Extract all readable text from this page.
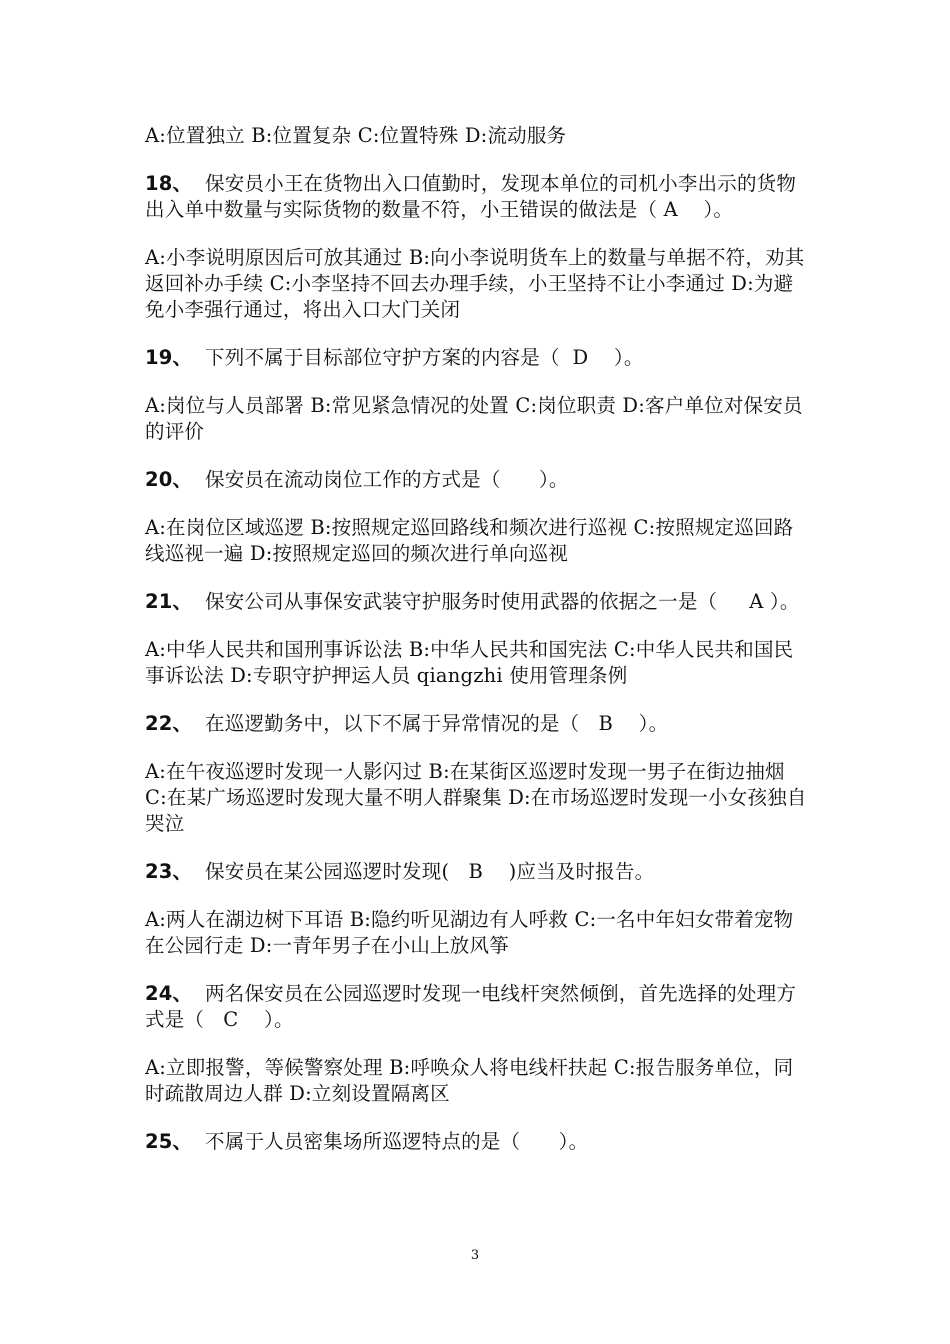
A:位置独立 B:位置复杂 C:位置特殊 D:流动服务

18、  保安员小王在货物出入口值勤时，发现本单位的司机小李出示的货物出入单中数量与实际货物的数量不符，小王错误的做法是（ A    ）。

A:小李说明原因后可放其通过 B:向小李说明货车上的数量与单据不符，劝其返回补办手续 C:小李坚持不回去办理手续，小王坚持不让小李通过 D:为避免小李强行通过，将出入口大门关闭

19、  下列不属于目标部位守护方案的内容是（  D    ）。

A:岗位与人员部署 B:常见紧急情况的处置 C:岗位职责 D:客户单位对保安员的评价

20、  保安员在流动岗位工作的方式是（      ）。

A:在岗位区域巡逻 B:按照规定巡回路线和频次进行巡视 C:按照规定巡回路线巡视一遍 D:按照规定巡回的频次进行单向巡视

21、  保安公司从事保安武装守护服务时使用武器的依据之一是（     A ）。

A:中华人民共和国刑事诉讼法 B:中华人民共和国宪法 C:中华人民共和国民事诉讼法 D:专职守护押运人员 qiangzhi 使用管理条例

22、  在巡逻勤务中，以下不属于异常情况的是（   B    ）。

A:在午夜巡逻时发现一人影闪过 B:在某街区巡逻时发现一男子在街边抽烟 C:在某广场巡逻时发现大量不明人群聚集 D:在市场巡逻时发现一小女孩独自哭泣

23、  保安员在某公园巡逻时发现(   B    )应当及时报告。

A:两人在湖边树下耳语 B:隐约听见湖边有人呼救 C:一名中年妇女带着宠物在公园行走 D:一青年男子在小山上放风筝

24、  两名保安员在公园巡逻时发现一电线杆突然倾倒，首先选择的处理方式是（   C    ）。

A:立即报警，等候警察处理 B:呼唤众人将电线杆扶起 C:报告服务单位，同时疏散周边人群 D:立刻设置隔离区

25、  不属于人员密集场所巡逻特点的是（      ）。

3
